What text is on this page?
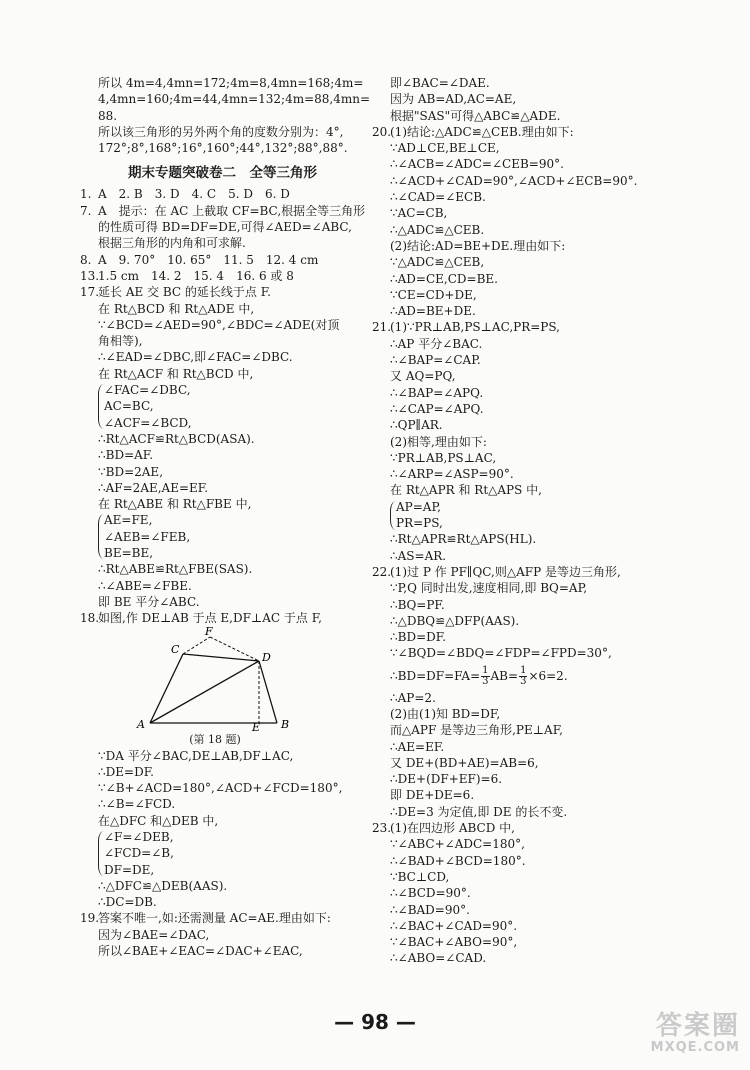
所以 4m=4,4mn=172;4m=8,4mn=168;4m=
4,4mn=160;4m=44,4mn=132;4m=88,4mn=
88.
所以该三角形的另外两个角的度数分别为：4°,
172°;8°,168°;16°,160°;44°,132°;88°,88°.
期末专题突破卷二　全等三角形
1. A　2. B　3. D　4. C　5. D　6. D
7. A　提示：在 AC 上截取 CF=BC,根据全等三角形
的性质可得 BD=DF=DE,可得∠AED=∠ABC,
根据三角形的内角和可求解.
8. A　9. 70°　10. 65°　11. 5　12. 4 cm
13.1.5 cm　14. 2　15. 4　16. 6 或 8
17.延长 AE 交 BC 的延长线于点 F.
在 Rt△BCD 和 Rt△ADE 中,
∵∠BCD=∠AED=90°,∠BDC=∠ADE(对顶
角相等),
∴∠EAD=∠DBC,即∠FAC=∠DBC.
在 Rt△ACF 和 Rt△BCD 中,
∠FAC=∠DBC,
AC=BC,
∠ACF=∠BCD,
∴Rt△ACF≌Rt△BCD(ASA).
∴BD=AF.
∵BD=2AE,
∴AF=2AE,AE=EF.
在 Rt△ABE 和 Rt△FBE 中,
AE=FE,
∠AEB=∠FEB,
BE=BE,
∴Rt△ABE≌Rt△FBE(SAS).
∴∠ABE=∠FBE.
即 BE 平分∠ABC.
18.如图,作 DE⊥AB 于点 E,DF⊥AC 于点 F,
A	B
C
D
E
F
(第 18 题)
∵DA 平分∠BAC,DE⊥AB,DF⊥AC,
∴DE=DF.
∵∠B+∠ACD=180°,∠ACD+∠FCD=180°,
∴∠B=∠FCD.
在△DFC 和△DEB 中,
∠F=∠DEB,
∠FCD=∠B,
DF=DE,
∴△DFC≌△DEB(AAS).
∴DC=DB.
19.答案不唯一,如:还需测量 AC=AE.理由如下:
因为∠BAE=∠DAC,
所以∠BAE+∠EAC=∠DAC+∠EAC,
即∠BAC=∠DAE.
因为 AB=AD,AC=AE,
根据"SAS"可得△ABC≌△ADE.
20.(1)结论:△ADC≌△CEB.理由如下:
∵AD⊥CE,BE⊥CE,
∴∠ACB=∠ADC=∠CEB=90°.
∴∠ACD+∠CAD=90°,∠ACD+∠ECB=90°.
∴∠CAD=∠ECB.
∵AC=CB,
∴△ADC≌△CEB.
(2)结论:AD=BE+DE.理由如下:
∵△ADC≌△CEB,
∴AD=CE,CD=BE.
∵CE=CD+DE,
∴AD=BE+DE.
21.(1)∵PR⊥AB,PS⊥AC,PR=PS,
∴AP 平分∠BAC.
∴∠BAP=∠CAP.
又 AQ=PQ,
∴∠BAP=∠APQ.
∴∠CAP=∠APQ.
∴QP∥AR.
(2)相等,理由如下:
∵PR⊥AB,PS⊥AC,
∴∠ARP=∠ASP=90°.
在 Rt△APR 和 Rt△APS 中,
AP=AP,
PR=PS,
∴Rt△APR≌Rt△APS(HL).
∴AS=AR.
22.(1)过 P 作 PF∥QC,则△AFP 是等边三角形,
∵P,Q 同时出发,速度相同,即 BQ=AP,
∴BQ=PF.
∴△DBQ≌△DFP(AAS).
∴BD=DF.
∵∠BQD=∠BDQ=∠FDP=∠FPD=30°,
∴BD=DF=FA= $\frac{1}{3} AB= \frac{1}{3} \times 6=2$.
∴AP=2.
(2)由(1)知 BD=DF,
而△APF 是等边三角形,PE⊥AF,
∴AE=EF.
又 DE+(BD+AE)=AB=6,
∴DE+(DF+EF)=6.
即 DE+DE=6.
∴DE=3 为定值,即 DE 的长不变.
23.(1)在四边形 ABCD 中,
∵∠ABC+∠ADC=180°,
∴∠BAD+∠BCD=180°.
∵BC⊥CD,
∴∠BCD=90°.
∴∠BAD=90°.
∴∠BAC+∠CAD=90°.
∵∠BAC+∠ABO=90°,
∴∠ABO=∠CAD.
— 98 —	答案圈
MXQE.COM
